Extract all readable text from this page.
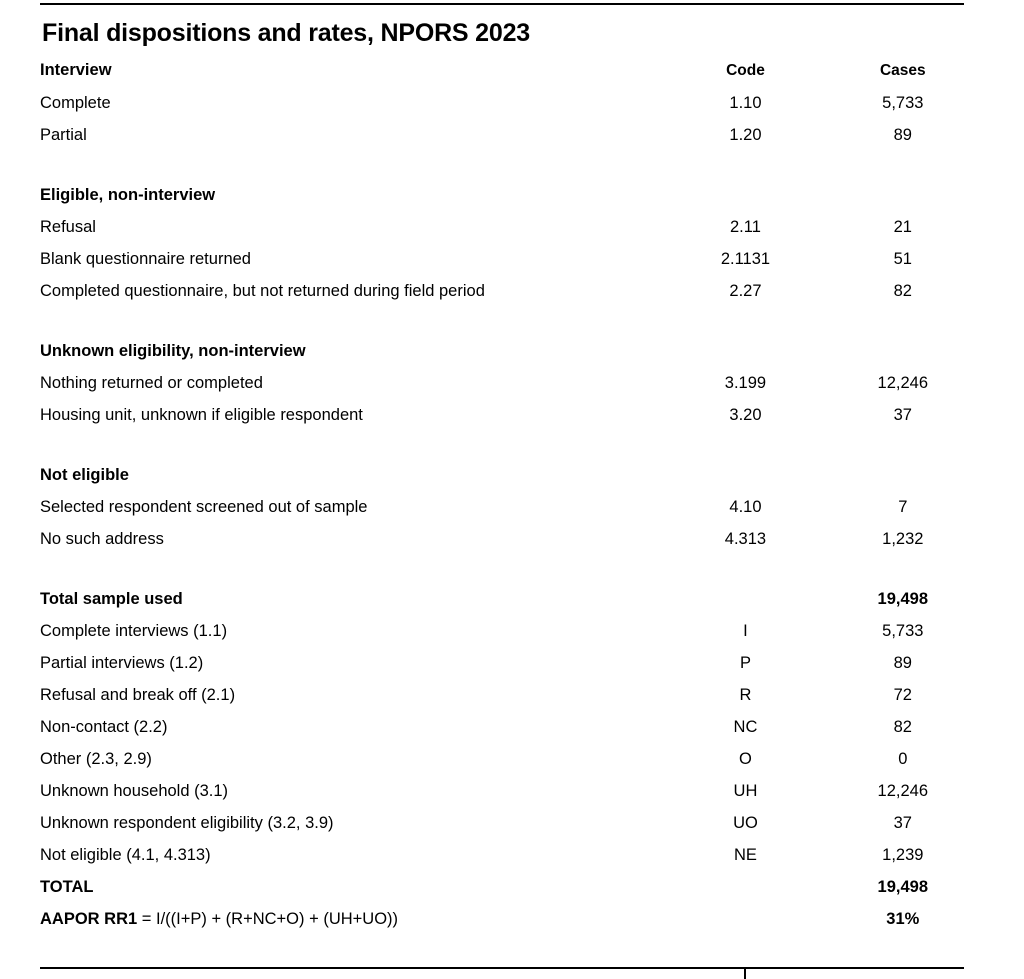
Final dispositions and rates, NPORS 2023
Interview	Code	Cases
Complete	1.10	5,733
Partial	1.20	89

Eligible, non-interview		
Refusal	2.11	21
Blank questionnaire returned	2.1131	51
Completed questionnaire, but not returned during field period	2.27	82

Unknown eligibility, non-interview		
Nothing returned or completed	3.199	12,246
Housing unit, unknown if eligible respondent	3.20	37

Not eligible		
Selected respondent screened out of sample	4.10	7
No such address	4.313	1,232

Total sample used		19,498
Complete interviews (1.1)	I	5,733
Partial interviews (1.2)	P	89
Refusal and break off (2.1)	R	72
Non-contact (2.2)	NC	82
Other (2.3, 2.9)	O	0
Unknown household (3.1)	UH	12,246
Unknown respondent eligibility (3.2, 3.9)	UO	37
Not eligible (4.1, 4.313)	NE	1,239
TOTAL		19,498
AAPOR RR1 = I/((I+P) + (R+NC+O) + (UH+UO))		31%
